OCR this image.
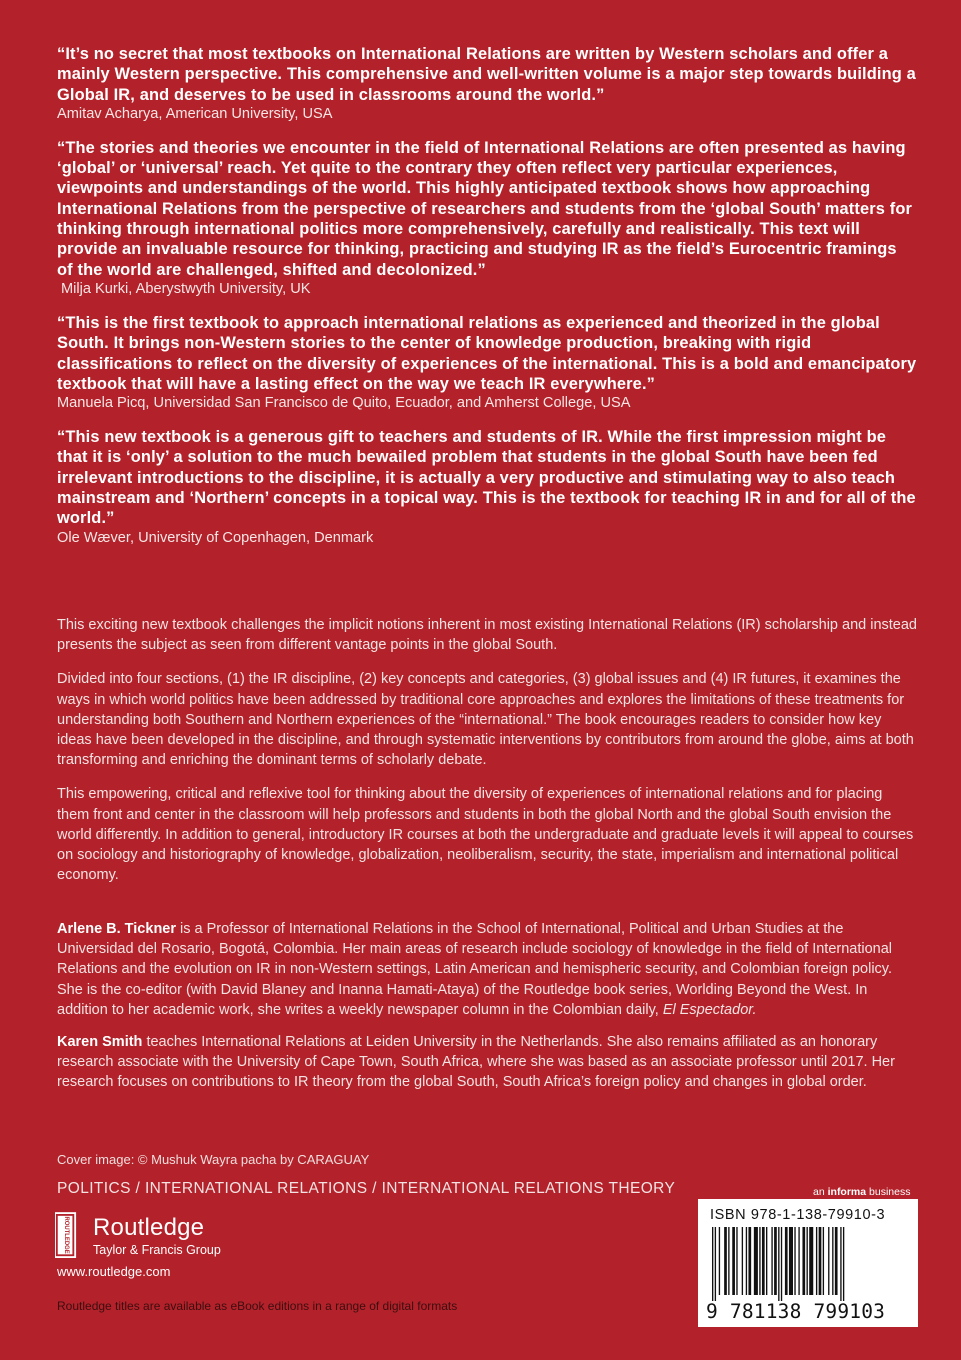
“It’s no secret that most textbooks on International Relations are written by Western scholars and offer a mainly Western perspective. This comprehensive and well-written volume is a major step towards building a Global IR, and deserves to be used in classrooms around the world.”

Amitav Acharya, American University, USA

“The stories and theories we encounter in the field of International Relations are often presented as having ‘global’ or ‘universal’ reach. Yet quite to the contrary they often reflect very particular experiences, viewpoints and understandings of the world. This highly anticipated textbook shows how approaching International Relations from the perspective of researchers and students from the ‘global South’ matters for thinking through international politics more comprehensively, carefully and realistically. This text will provide an invaluable resource for thinking, practicing and studying IR as the field’s Eurocentric framings of the world are challenged, shifted and decolonized.”

Milja Kurki, Aberystwyth University, UK

“This is the first textbook to approach international relations as experienced and theorized in the global South. It brings non-Western stories to the center of knowledge production, breaking with rigid classifications to reflect on the diversity of experiences of the international. This is a bold and emancipatory textbook that will have a lasting effect on the way we teach IR everywhere.”

Manuela Picq, Universidad San Francisco de Quito, Ecuador, and Amherst College, USA

“This new textbook is a generous gift to teachers and students of IR. While the first impression might be that it is ‘only’ a solution to the much bewailed problem that students in the global South have been fed irrelevant introductions to the discipline, it is actually a very productive and stimulating way to also teach mainstream and ‘Northern’ concepts in a topical way. This is the textbook for teaching IR in and for all of the world.”

Ole Wæver, University of Copenhagen, Denmark

This exciting new textbook challenges the implicit notions inherent in most existing International Relations (IR) scholarship and instead presents the subject as seen from different vantage points in the global South.

Divided into four sections, (1) the IR discipline, (2) key concepts and categories, (3) global issues and (4) IR futures, it examines the ways in which world politics have been addressed by traditional core approaches and explores the limitations of these treatments for understanding both Southern and Northern experiences of the “international.” The book encourages readers to consider how key ideas have been developed in the discipline, and through systematic interventions by contributors from around the globe, aims at both transforming and enriching the dominant terms of scholarly debate.

This empowering, critical and reflexive tool for thinking about the diversity of experiences of international relations and for placing them front and center in the classroom will help professors and students in both the global North and the global South envision the world differently. In addition to general, introductory IR courses at both the undergraduate and graduate levels it will appeal to courses on sociology and historiography of knowledge, globalization, neoliberalism, security, the state, imperialism and international political economy.

Arlene B. Tickner is a Professor of International Relations in the School of International, Political and Urban Studies at the Universidad del Rosario, Bogotá, Colombia. Her main areas of research include sociology of knowledge in the field of International Relations and the evolution on IR in non-Western settings, Latin American and hemispheric security, and Colombian foreign policy. She is the co-editor (with David Blaney and Inanna Hamati-Ataya) of the Routledge book series, Worlding Beyond the West. In addition to her academic work, she writes a weekly newspaper column in the Colombian daily, El Espectador.

Karen Smith teaches International Relations at Leiden University in the Netherlands. She also remains affiliated as an honorary research associate with the University of Cape Town, South Africa, where she was based as an associate professor until 2017. Her research focuses on contributions to IR theory from the global South, South Africa’s foreign policy and changes in global order.

Cover image: © Mushuk Wayra pacha by CARAGUAY
POLITICS / INTERNATIONAL RELATIONS / INTERNATIONAL RELATIONS THEORY
ROUTLEDGE Routledge
Taylor & Francis Group
www.routledge.com
Routledge titles are available as eBook editions in a range of digital formats
an informa business
ISBN 978-1-138-79910-3
9 781138 799103
